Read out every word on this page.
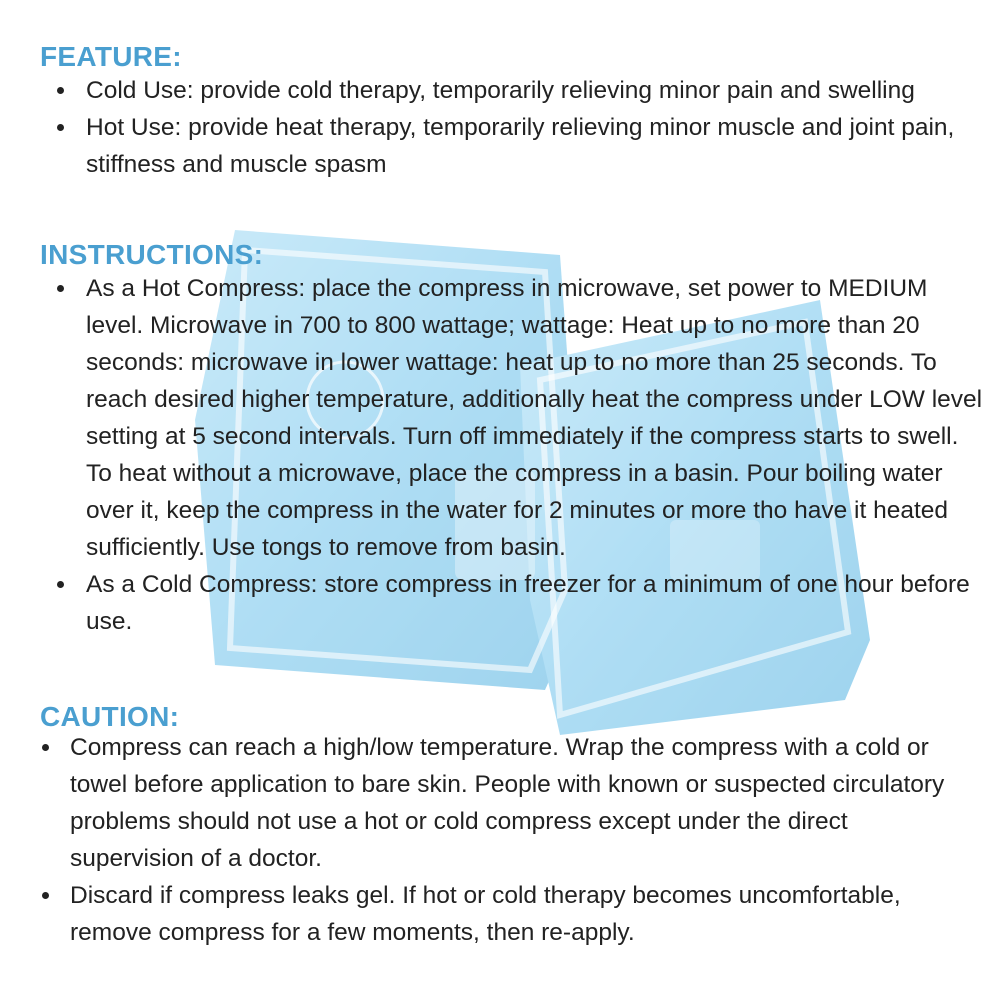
FEATURE:
Cold Use: provide cold therapy, temporarily relieving minor pain and swelling
Hot Use: provide heat therapy, temporarily relieving minor muscle and joint pain, stiffness and muscle spasm
INSTRUCTIONS:
As a Hot Compress: place the compress in microwave, set power to MEDIUM level. Microwave in 700 to 800 wattage; wattage: Heat up to no more than 20 seconds: microwave in lower wattage: heat up to no more than 25 seconds. To reach desired higher temperature, additionally heat the compress under LOW level setting at 5 second intervals. Turn off immediately if the compress starts to swell. To heat without a microwave, place the compress in a basin. Pour boiling water over it, keep the compress in the water for 2 minutes or more tho have it heated sufficiently. Use tongs to remove from basin.
As a Cold Compress: store compress in freezer for a minimum of one hour before use.
CAUTION:
Compress can reach a high/low temperature. Wrap the compress with a cold or towel before application to bare skin. People with known or suspected circulatory problems should not use a hot or cold compress except under the direct supervision of a doctor.
Discard if compress leaks gel. If hot or cold therapy becomes uncomfortable, remove compress for a few moments, then re-apply.
